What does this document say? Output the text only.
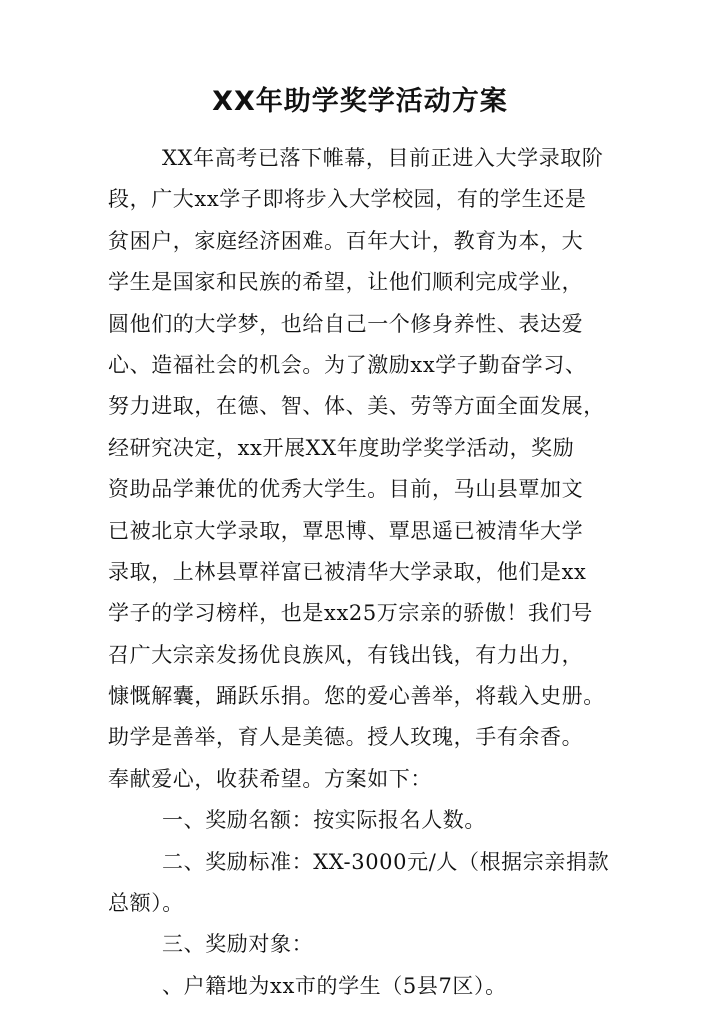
XX年助学奖学活动方案
XX年高考已落下帷幕，目前正进入大学录取阶
段，广大xx学子即将步入大学校园，有的学生还是
贫困户，家庭经济困难。百年大计，教育为本，大
学生是国家和民族的希望，让他们顺利完成学业，
圆他们的大学梦，也给自己一个修身养性、表达爱
心、造福社会的机会。为了激励xx学子勤奋学习、
努力进取，在德、智、体、美、劳等方面全面发展，
经研究决定，xx开展XX年度助学奖学活动，奖励
资助品学兼优的优秀大学生。目前，马山县覃加文
已被北京大学录取，覃思博、覃思遥已被清华大学
录取，上林县覃祥富已被清华大学录取，他们是xx
学子的学习榜样，也是xx25万宗亲的骄傲！我们号
召广大宗亲发扬优良族风，有钱出钱，有力出力，
慷慨解囊，踊跃乐捐。您的爱心善举，将载入史册。
助学是善举，育人是美德。授人玫瑰，手有余香。
奉献爱心，收获希望。方案如下：
一、奖励名额：按实际报名人数。
二、奖励标准：XX-3000元/人（根据宗亲捐款
总额）。
三、奖励对象：
、户籍地为xx市的学生（5县7区）。
